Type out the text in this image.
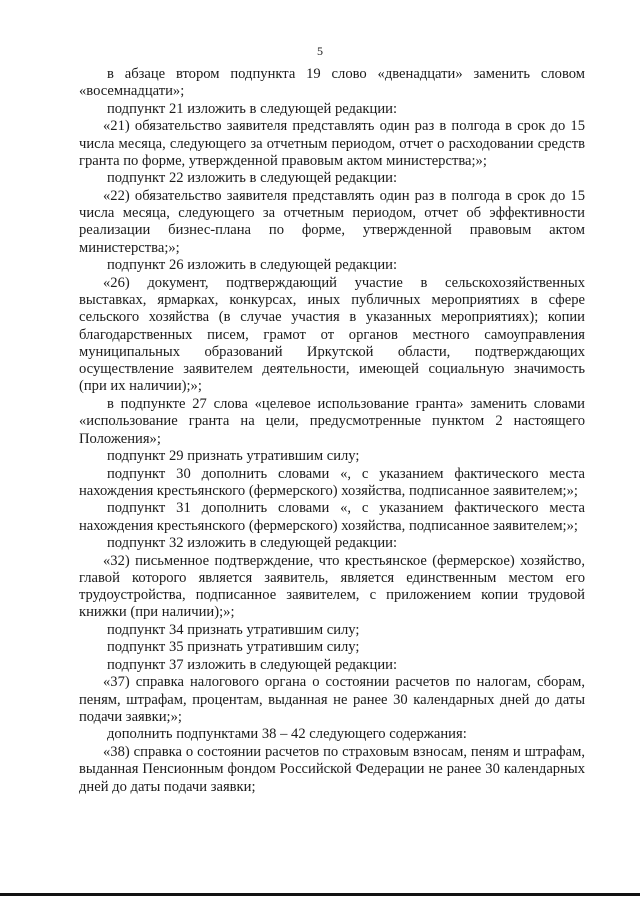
5

в абзаце втором подпункта 19 слово «двенадцати» заменить словом «восемнадцати»;

подпункт 21 изложить в следующей редакции:

«21) обязательство заявителя представлять один раз в полгода в срок до 15 числа месяца, следующего за отчетным периодом, отчет о расходовании средств гранта по форме, утвержденной правовым актом министерства;»;

подпункт 22 изложить в следующей редакции:

«22) обязательство заявителя представлять один раз в полгода в срок до 15 числа месяца, следующего за отчетным периодом, отчет об эффективности реализации бизнес-плана по форме, утвержденной правовым актом министерства;»;

подпункт 26 изложить в следующей редакции:

«26) документ, подтверждающий участие в сельскохозяйственных выставках, ярмарках, конкурсах, иных публичных мероприятиях в сфере сельского хозяйства (в случае участия в указанных мероприятиях); копии благодарственных писем, грамот от органов местного самоуправления муниципальных образований Иркутской области, подтверждающих осуществление заявителем деятельности, имеющей социальную значимость (при их наличии);»;

в подпункте 27 слова «целевое использование гранта» заменить словами «использование гранта на цели, предусмотренные пунктом 2 настоящего Положения»;

подпункт 29 признать утратившим силу;

подпункт 30 дополнить словами «, с указанием фактического места нахождения крестьянского (фермерского) хозяйства, подписанное заявителем;»;

подпункт 31 дополнить словами «, с указанием фактического места нахождения крестьянского (фермерского) хозяйства, подписанное заявителем;»;

подпункт 32 изложить в следующей редакции:

«32) письменное подтверждение, что крестьянское (фермерское) хозяйство, главой которого является заявитель, является единственным местом его трудоустройства, подписанное заявителем, с приложением копии трудовой книжки (при наличии);»;

подпункт 34 признать утратившим силу;

подпункт 35 признать утратившим силу;

подпункт 37 изложить в следующей редакции:

«37) справка налогового органа о состоянии расчетов по налогам, сборам, пеням, штрафам, процентам, выданная не ранее 30 календарных дней до даты подачи заявки;»;

дополнить подпунктами 38 – 42 следующего содержания:

«38) справка о состоянии расчетов по страховым взносам, пеням и штрафам, выданная Пенсионным фондом Российской Федерации не ранее 30 календарных дней до даты подачи заявки;
